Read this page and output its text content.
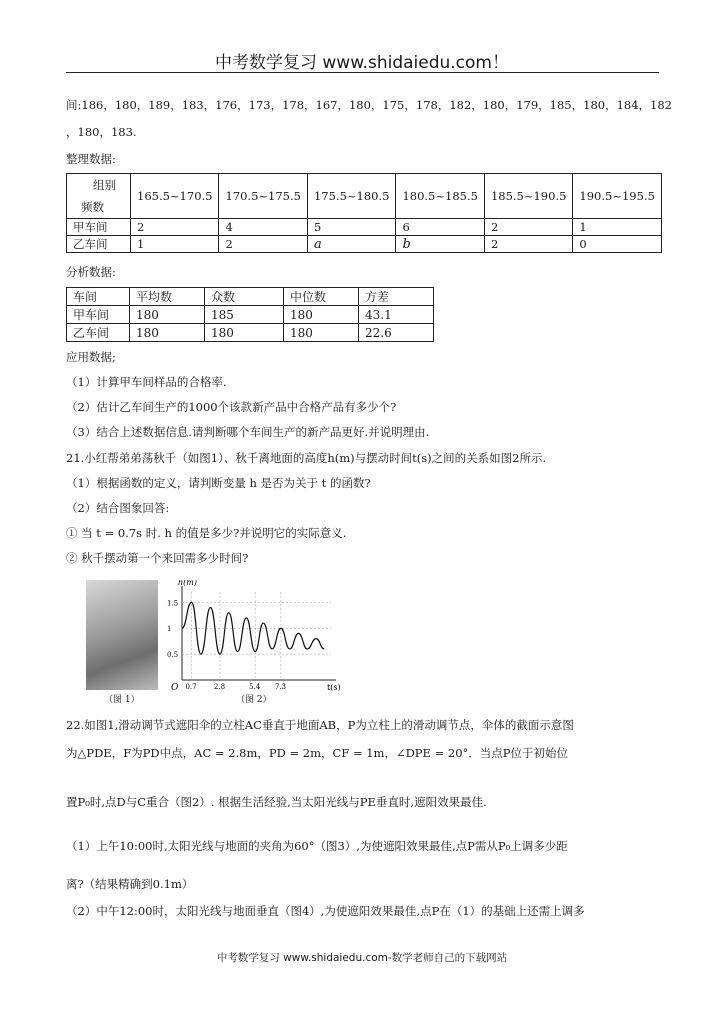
中考数学复习 www.shidaiedu.com！
间:186，180，189，183，176，173，178，167，180，175，178，182，180，179，185，180，184，182
，180，183.
整理数据:
组别
频数	165.5~170.5	170.5~175.5	175.5~180.5	180.5~185.5	185.5~190.5	190.5~195.5
甲车间	2	4	5	6	2	1
乙车间	1	2	a	b	2	0
分析数据:
车间	平均数	众数	中位数	方差
甲车间	180	185	180	43.1
乙车间	180	180	180	22.6
应用数据;
（1）计算甲车间样品的合格率.
（2）估计乙车间生产的1000个该款新产品中合格产品有多少个?
（3）结合上述数据信息.请判断哪个车间生产的新产品更好.并说明理由.
21.小红帮弟弟荡秋千（如图1）、秋千离地面的高度h(m)与摆动时间t(s)之间的关系如图2所示.
（1）根据函数的定义，请判断变量 h 是否为关于 t 的函数?
（2）结合图象回答:
① 当 t = 0.7s 时. h 的值是多少?并说明它的实际意义.
② 秋千摆动第一个来回需多少时间?
（图 1）
1.5
1
0.5
0.7 2.8	5.4 7.3
h(m)
t(s)
O
（图 2）
22.如图1,滑动调节式遮阳伞的立柱AC垂直于地面AB，P为立柱上的滑动调节点，伞体的截面示意图
为△PDE，F为PD中点，AC = 2.8m，PD = 2m，CF = 1m，∠DPE = 20°．当点P位于初始位
置P₀时,点D与C重合（图2）. 根据生活经验,当太阳光线与PE垂直时,遮阳效果最佳.
（1）上午10:00时,太阳光线与地面的夹角为60°（图3）,为使遮阳效果最佳,点P需从P₀上调多少距
离?（结果精确到0.1m）
（2）中午12:00时，太阳光线与地面垂直（图4）,为使遮阳效果最佳,点P在（1）的基础上还需上调多
中考数学复习 www.shidaiedu.com-数学老师自己的下载网站
